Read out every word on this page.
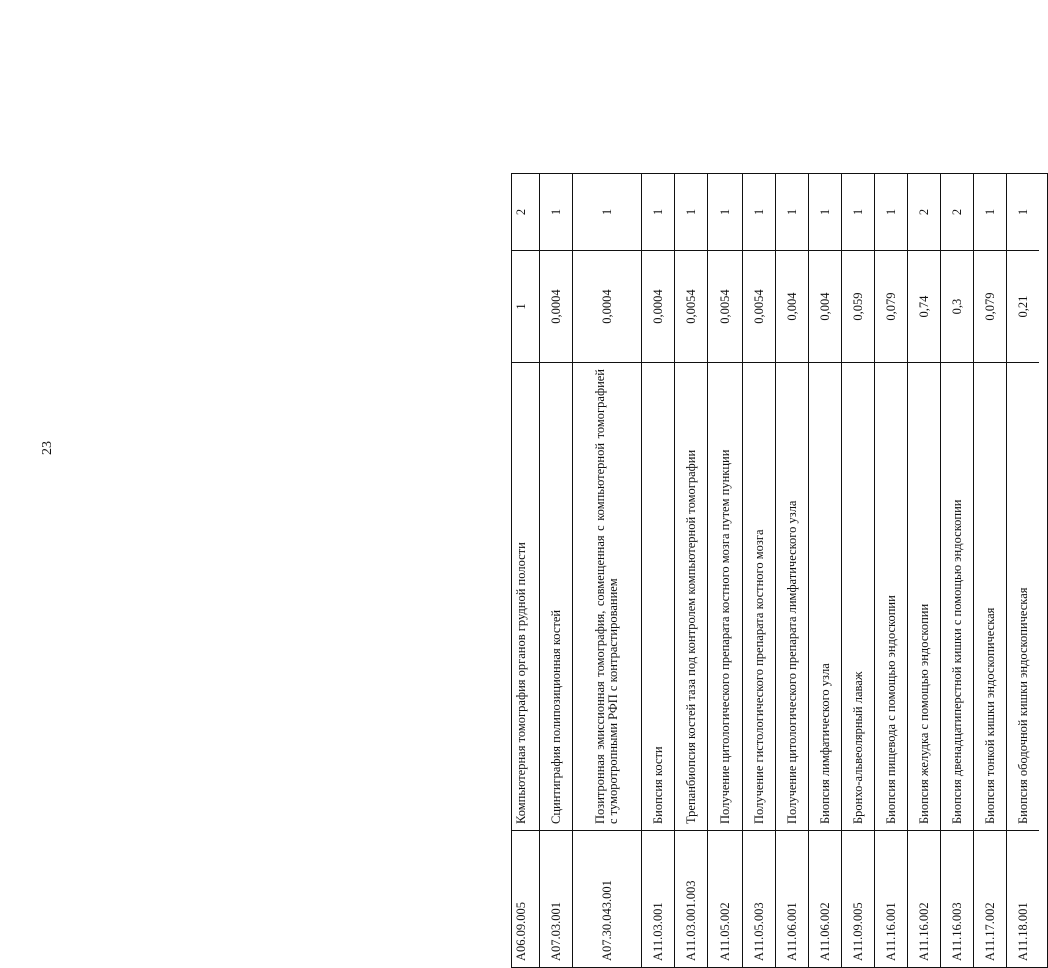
23
A06.09.005
Компьютерная томография органов грудной полости
1
2
A07.03.001
Сцинтиграфия полипозиционная костей
0,0004
1
A07.30.043.001
Позитронная эмиссионная томография, совмещенная с компьютерной томографией с туморотропными РФП с контрастированием
0,0004
1
A11.03.001
Биопсия кости
0,0004
1
A11.03.001.003
Трепанбиопсия костей таза под контролем компьютерной томографии
0,0054
1
A11.05.002
Получение цитологического препарата костного мозга путем пункции
0,0054
1
A11.05.003
Получение гистологического препарата костного мозга
0,0054
1
A11.06.001
Получение цитологического препарата лимфатического узла
0,004
1
A11.06.002
Биопсия лимфатического узла
0,004
1
A11.09.005
Бронхо-альвеолярный лаваж
0,059
1
A11.16.001
Биопсия пищевода с помощью эндоскопии
0,079
1
A11.16.002
Биопсия желудка с помощью эндоскопии
0,74
2
A11.16.003
Биопсия двенадцатиперстной кишки с помощью эндоскопии
0,3
2
A11.17.002
Биопсия тонкой кишки эндоскопическая
0,079
1
A11.18.001
Биопсия ободочной кишки эндоскопическая
0,21
1
